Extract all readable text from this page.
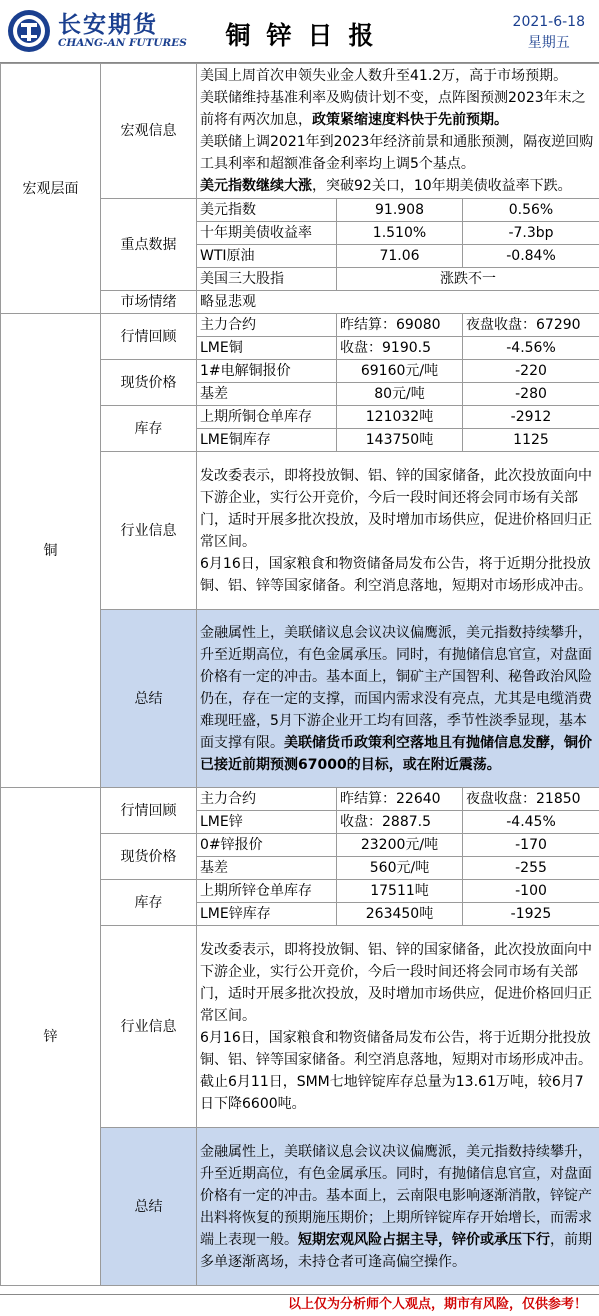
长安期货
CHANG-AN FUTURES	铜锌日报	2021-6-18
星期五
宏观层面	宏观信息	美国上周首次申领失业金人数升至41.2万，高于市场预期。

美联储维持基准利率及购债计划不变，点阵图预测2023年末之前将有两次加息，政策紧缩速度料快于先前预期。

美联储上调2021年到2023年经济前景和通胀预测，隔夜逆回购工具利率和超额准备金利率均上调5个基点。

美元指数继续大涨，突破92关口，10年期美债收益率下跌。		

	重点数据	美元指数	91.908	0.56%
		十年期美债收益率	1.510%	-7.3bp
		WTI原油	71.06	-0.84%
		美国三大股指	涨跌不一	
	市场情绪	略显悲观		

铜	行情回顾	主力合约	昨结算：69080	夜盘收盘：67290
		LME铜	收盘：9190.5	-4.56%
	现货价格	1#电解铜报价	69160元/吨	-220
		基差	80元/吨	-280
	库存	上期所铜仓单库存	121032吨	-2912
		LME铜库存	143750吨	1125
	行业信息	发改委表示，即将投放铜、铝、锌的国家储备，此次投放面向中下游企业，实行公开竞价，今后一段时间还将会同市场有关部门，适时开展多批次投放，及时增加市场供应，促进价格回归正常区间。

6月16日，国家粮食和物资储备局发布公告，将于近期分批投放铜、铝、锌等国家储备。利空消息落地，短期对市场形成冲击。		

	总结	金融属性上，美联储议息会议决议偏鹰派，美元指数持续攀升，升至近期高位，有色金属承压。同时，有抛储信息官宣，对盘面价格有一定的冲击。基本面上，铜矿主产国智利、秘鲁政治风险仍在，存在一定的支撑，而国内需求没有亮点，尤其是电缆消费难现旺盛，5月下游企业开工均有回落，季节性淡季显现，基本面支撑有限。美联储货币政策利空落地且有抛储信息发酵，铜价已接近前期预测67000的目标，或在附近震荡。		
锌	行情回顾	主力合约	昨结算：22640	夜盘收盘：21850
		LME锌	收盘：2887.5	-4.45%
	现货价格	0#锌报价	23200元/吨	-170
		基差	560元/吨	-255
	库存	上期所锌仓单库存	17511吨	-100
		LME锌库存	263450吨	-1925
	行业信息	发改委表示，即将投放铜、铝、锌的国家储备，此次投放面向中下游企业，实行公开竞价，今后一段时间还将会同市场有关部门，适时开展多批次投放，及时增加市场供应，促进价格回归正常区间。

6月16日，国家粮食和物资储备局发布公告，将于近期分批投放铜、铝、锌等国家储备。利空消息落地，短期对市场形成冲击。

截止6月11日，SMM七地锌锭库存总量为13.61万吨，较6月7日下降6600吨。		

	总结	金融属性上，美联储议息会议决议偏鹰派，美元指数持续攀升，升至近期高位，有色金属承压。同时，有抛储信息官宣，对盘面价格有一定的冲击。基本面上，云南限电影响逐渐消散，锌锭产出料将恢复的预期施压期价；上期所锌锭库存开始增长，而需求端上表现一般。短期宏观风险占据主导，锌价或承压下行，前期多单逐渐离场，未持仓者可逢高偏空操作。		
以上仅为分析师个人观点，期市有风险，仅供参考！
